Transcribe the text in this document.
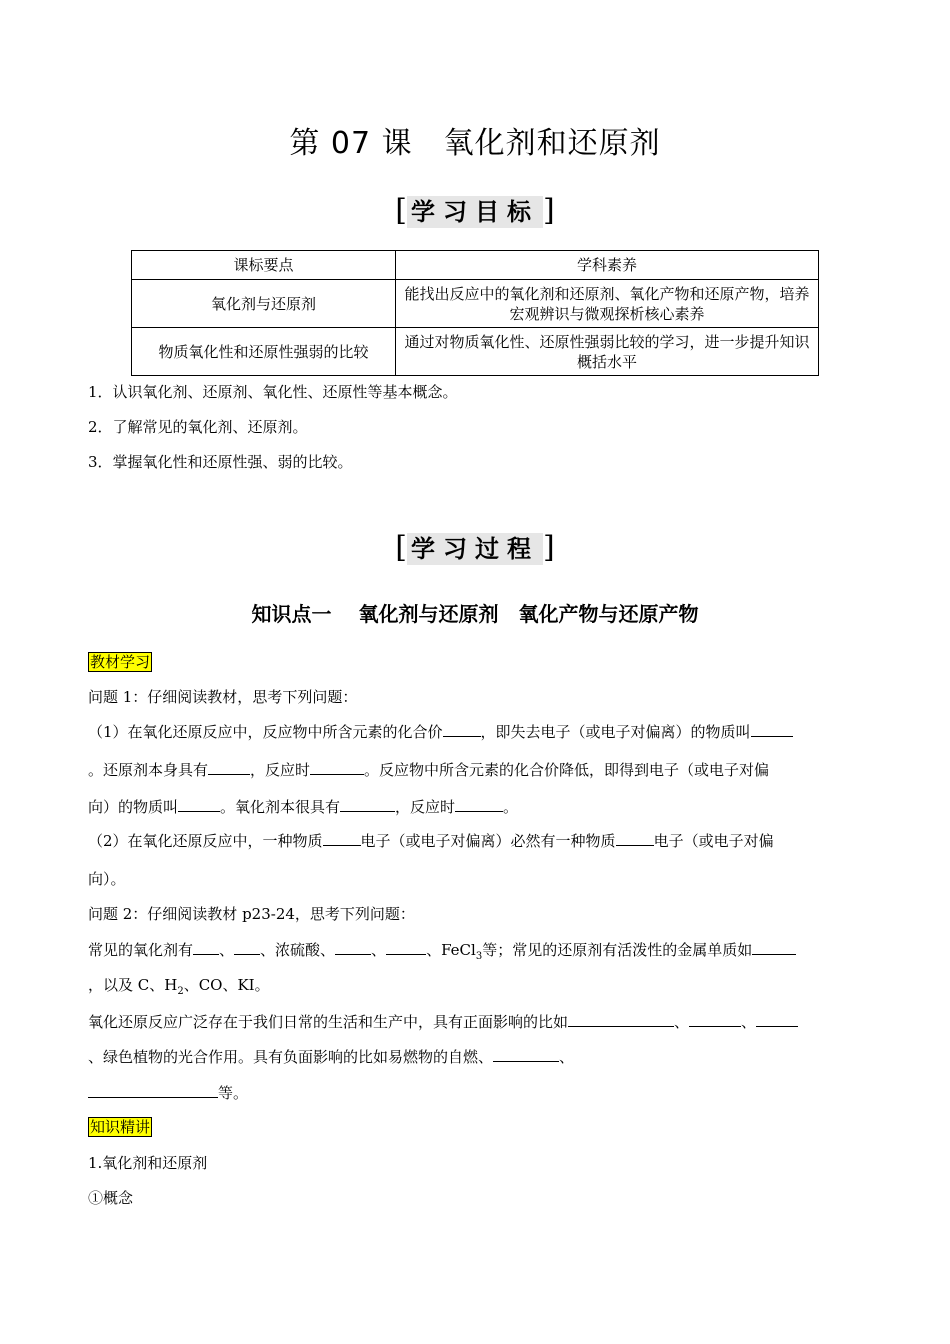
第 07 课　氧化剂和还原剂
[ 学习目标 ]
课标要点	学科素养
氧化剂与还原剂	能找出反应中的氧化剂和还原剂、氧化产物和还原产物，培养宏观辨识与微观探析核心素养
物质氧化性和还原性强弱的比较	通过对物质氧化性、还原性强弱比较的学习，进一步提升知识概括水平
1．认识氧化剂、还原剂、氧化性、还原性等基本概念。
2．了解常见的氧化剂、还原剂。
3．掌握氧化性和还原性强、弱的比较。
[ 学习过程 ]
知识点一　 氧化剂与还原剂　氧化产物与还原产物
教材学习
问题 1：仔细阅读教材，思考下列问题：
（1）在氧化还原反应中，反应物中所含元素的化合价	，即失去电子（或电子对偏离）的物质叫
。还原剂本身具有	，反应时	。反应物中所含元素的化合价降低，即得到电子（或电子对偏
向）的物质叫	。氧化剂本很具有	，反应时	。
（2）在氧化还原反应中，一种物质	电子（或电子对偏离）必然有一种物质	电子（或电子对偏
向）。
问题 2：仔细阅读教材 p23-24，思考下列问题：
常见的氧化剂有 、 、浓硫酸、 、	、FeCl$_3$等；常见的还原剂有活泼性的金属单质如
，以及 C、$H_2$、CO、KI。
氧化还原反应广泛存在于我们日常的生活和生产中，具有正面影响的比如	、	、
、绿色植物的光合作用。具有负面影响的比如易燃物的自燃、	、
等。
知识精讲
1.氧化剂和还原剂
①概念
